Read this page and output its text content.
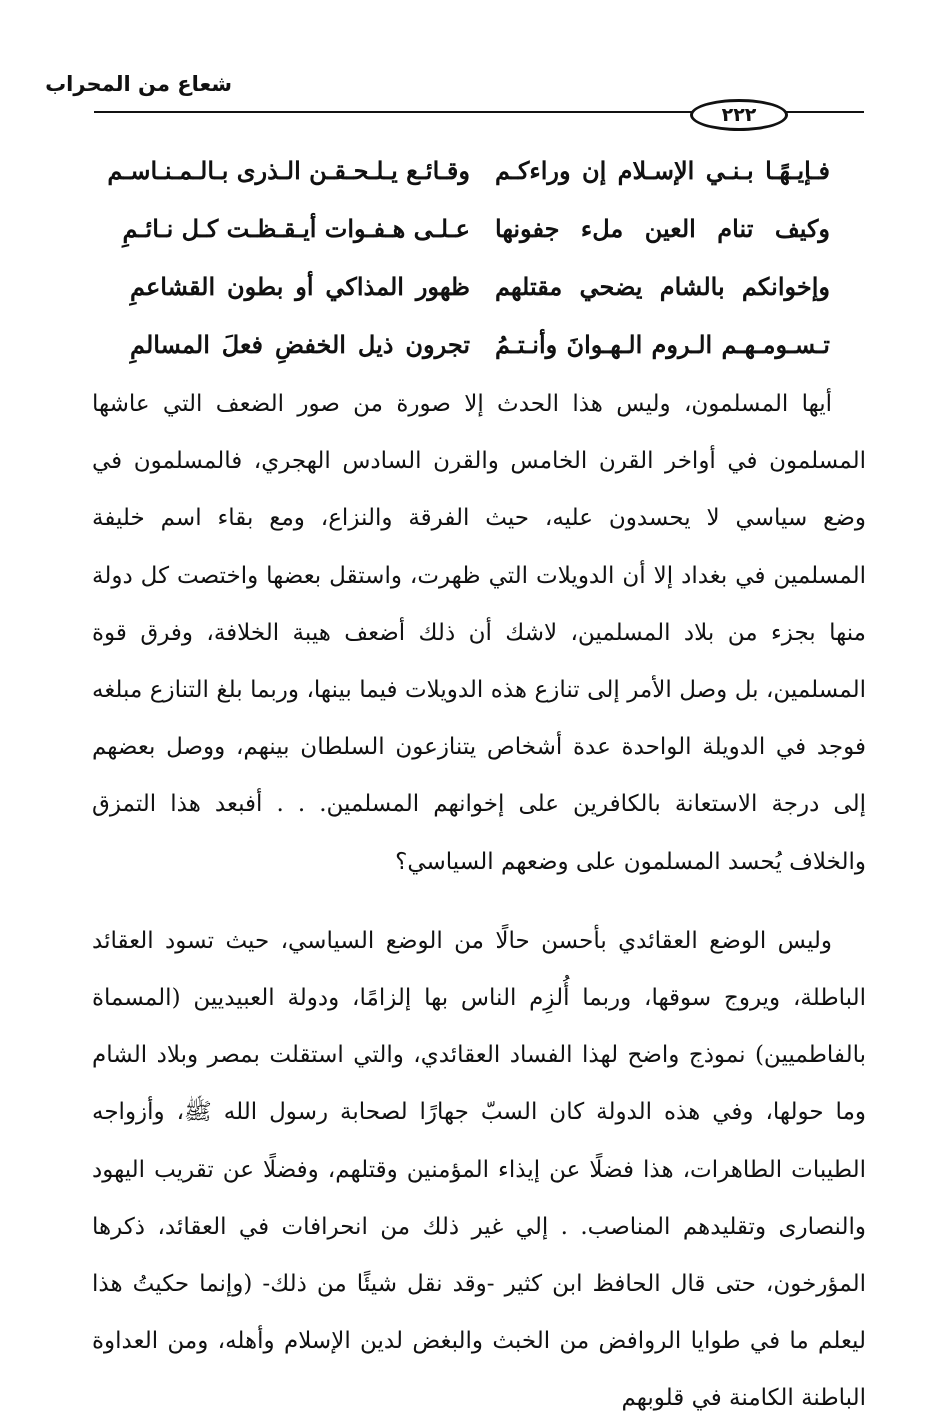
شعاع من المحراب
٢٢٢
فـإيـهًـا بـنـي الإسـلام إن وراءكـم
وقـائـع يـلـحـقـن الـذرى بـالـمـنـاسـم
وكيف تنام العين ملء جفونها
عـلـى هـفـوات أيـقـظـت كـل نـائـمِ
وإخوانكم بالشام يضحي مقتلهم
ظهور المذاكي أو بطون القشاعمِ
تـسـومـهـم الـروم الـهـوانَ وأنـتـمُ
تجرون ذيل الخفضِ فعلَ المسالمِ

أيها المسلمون، وليس هذا الحدث إلا صورة من صور الضعف التي عاشها المسلمون في أواخر القرن الخامس والقرن السادس الهجري، فالمسلمون في وضع سياسي لا يحسدون عليه، حيث الفرقة والنزاع، ومع بقاء اسم خليفة المسلمين في بغداد إلا أن الدويلات التي ظهرت، واستقل بعضها واختصت كل دولة منها بجزء من بلاد المسلمين، لاشك أن ذلك أضعف هيبة الخلافة، وفرق قوة المسلمين، بل وصل الأمر إلى تنازع هذه الدويلات فيما بينها، وربما بلغ التنازع مبلغه فوجد في الدويلة الواحدة عدة أشخاص يتنازعون السلطان بينهم، ووصل بعضهم إلى درجة الاستعانة بالكافرين على إخوانهم المسلمين. . . أفبعد هذا التمزق والخلاف يُحسد المسلمون على وضعهم السياسي؟

وليس الوضع العقائدي بأحسن حالًا من الوضع السياسي، حيث تسود العقائد الباطلة، ويروج سوقها، وربما أُلزِم الناس بها إلزامًا، ودولة العبيديين (المسماة بالفاطميين) نموذج واضح لهذا الفساد العقائدي، والتي استقلت بمصر وبلاد الشام وما حولها، وفي هذه الدولة كان السبّ جهارًا لصحابة رسول الله ﷺ، وأزواجه الطيبات الطاهرات، هذا فضلًا عن إيذاء المؤمنين وقتلهم، وفضلًا عن تقريب اليهود والنصارى وتقليدهم المناصب. . إلي غير ذلك من انحرافات في العقائد، ذكرها المؤرخون، حتى قال الحافظ ابن كثير -وقد نقل شيئًا من ذلك- (وإنما حكيتُ هذا ليعلم ما في طوايا الروافض من الخبث والبغض لدين الإسلام وأهله، ومن العداوة الباطنة الكامنة في قلوبهم
